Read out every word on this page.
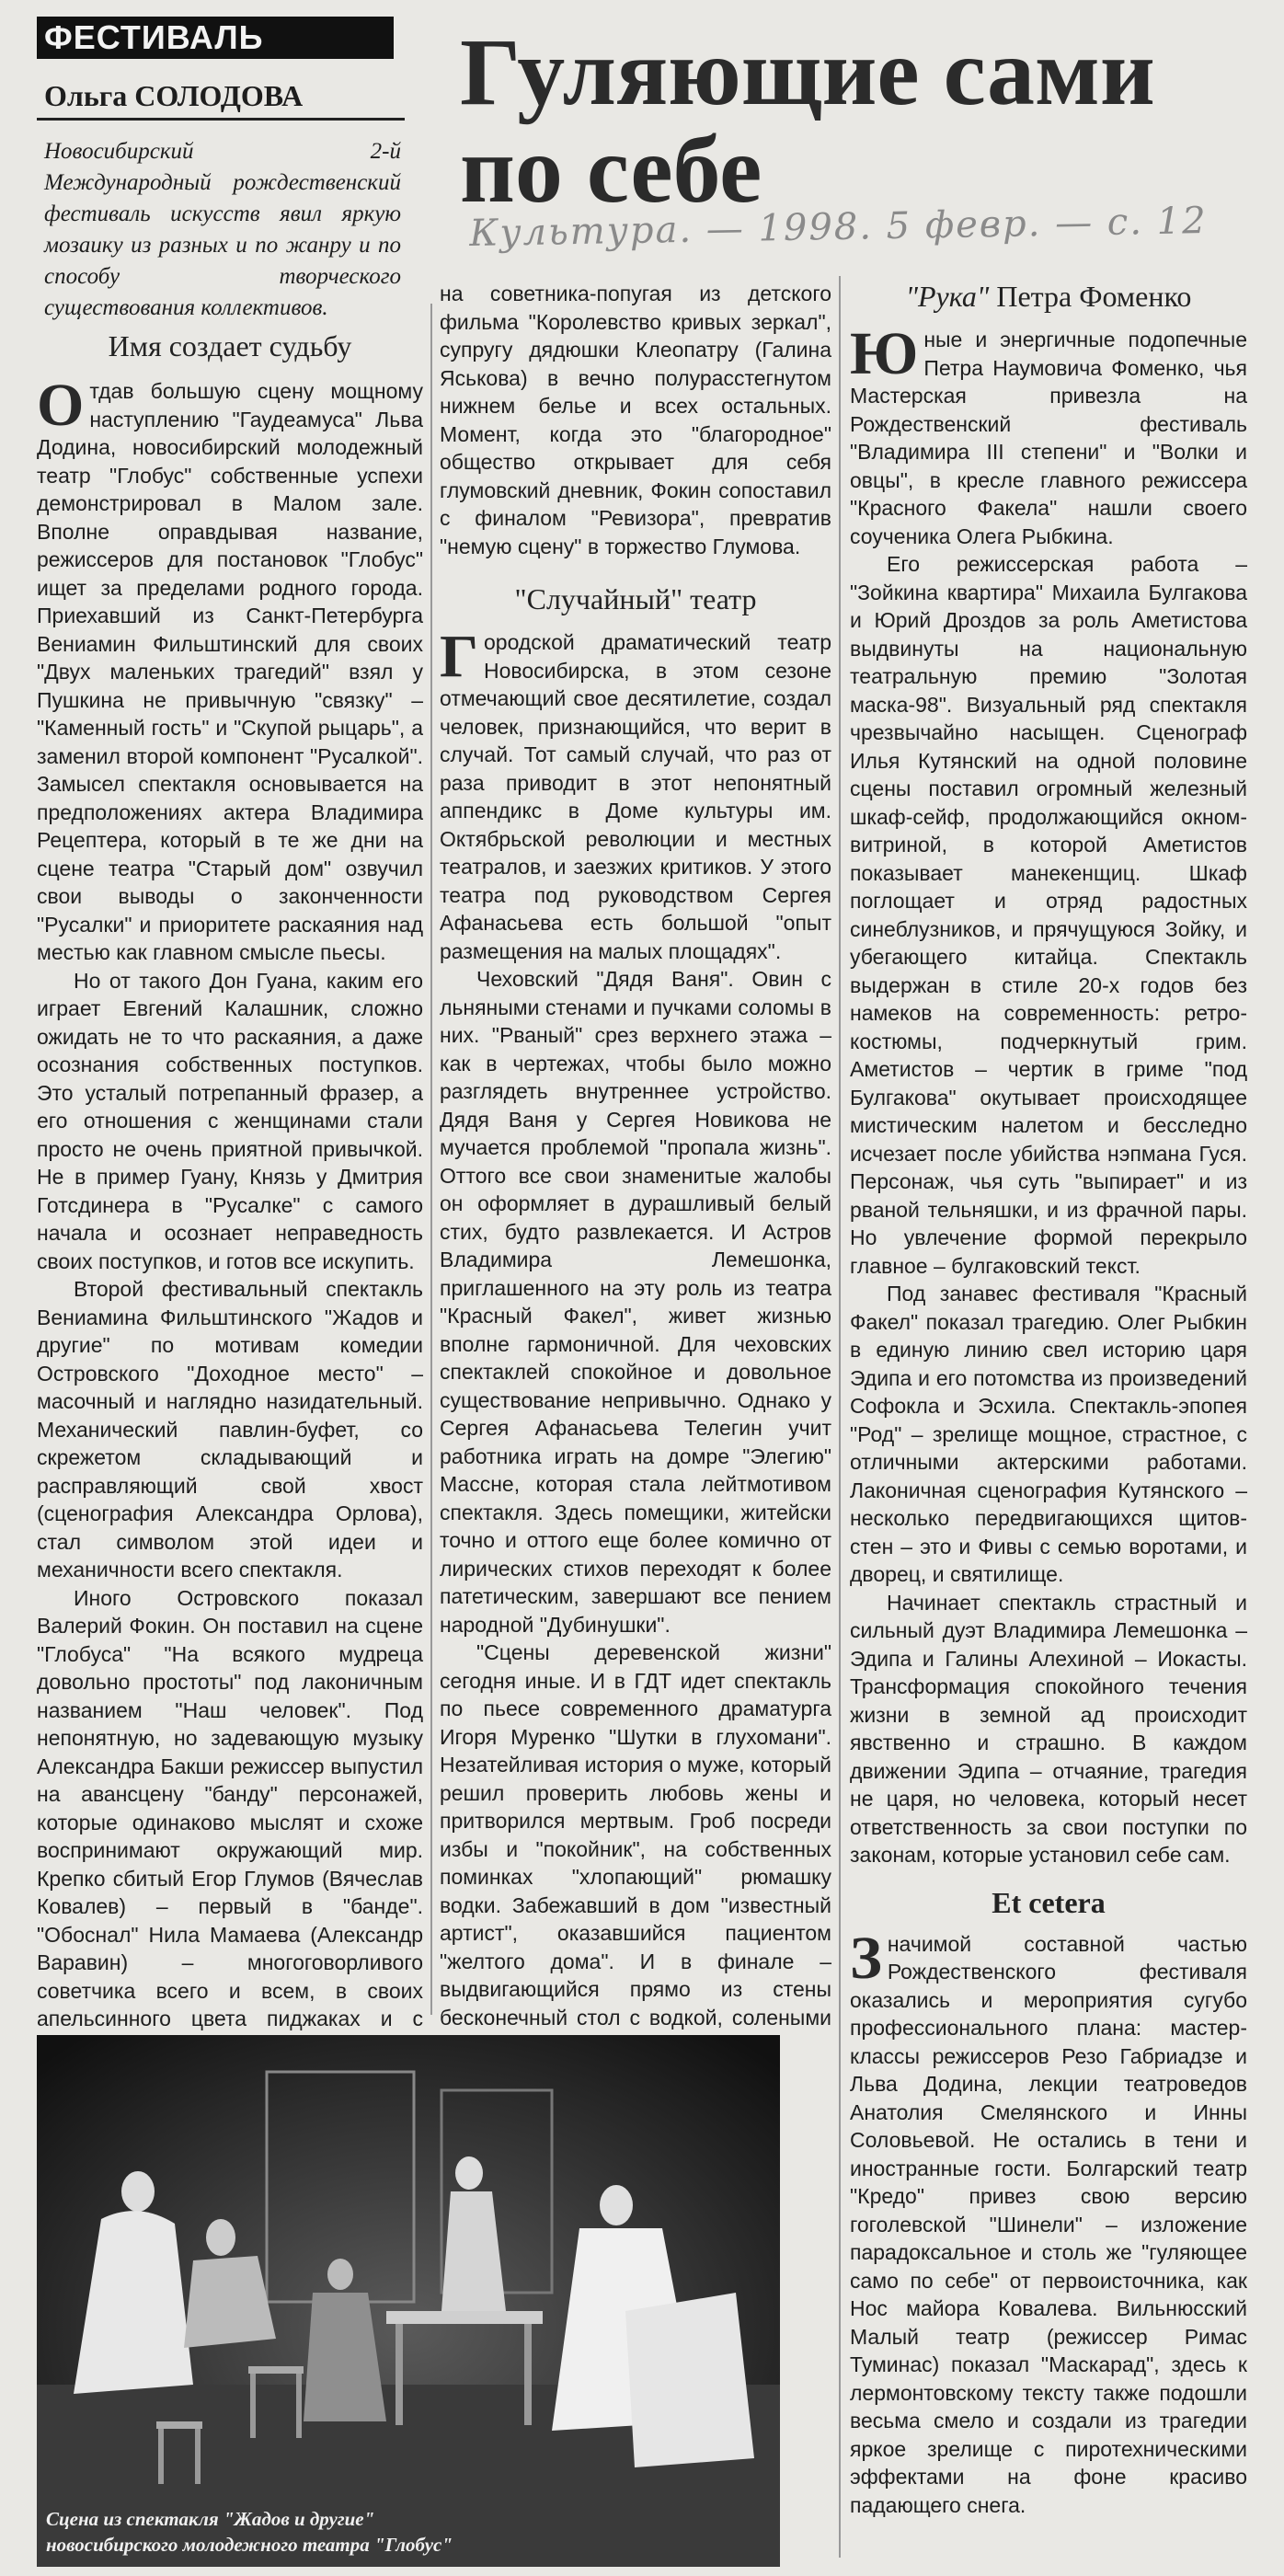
ФЕСТИВАЛЬ
Ольга СОЛОДОВА
Новосибирский 2-й Международный рождественский фестиваль искусств явил яркую мозаику из разных и по жанру и по способу творческого существования коллективов.
Гуляющие сами по себе
Культура. — 1998. 5 февр. — с. 12
Имя создает судьбу

Отдав большую сцену мощному наступлению "Гаудеамуса" Льва Додина, новосибирский молодежный театр "Глобус" собственные успехи демонстрировал в Малом зале. Вполне оправдывая название, режиссеров для постановок "Глобус" ищет за пределами родного города. Приехавший из Санкт-Петербурга Вениамин Фильштинский для своих "Двух маленьких трагедий" взял у Пушкина не привычную "связку" – "Каменный гость" и "Скупой рыцарь", а заменил второй компонент "Русалкой". Замысел спектакля основывается на предположениях актера Владимира Рецептера, который в те же дни на сцене театра "Старый дом" озвучил свои выводы о законченности "Русалки" и приоритете раскаяния над местью как главном смысле пьесы.

Но от такого Дон Гуана, каким его играет Евгений Калашник, сложно ожидать не то что раскаяния, а даже осознания собственных поступков. Это усталый потрепанный фразер, а его отношения с женщинами стали просто не очень приятной привычкой. Не в пример Гуану, Князь у Дмитрия Готсдинера в "Русалке" с самого начала и осознает неправедность своих поступков, и готов все искупить.

Второй фестивальный спектакль Вениамина Фильштинского "Жадов и другие" по мотивам комедии Островского "Доходное место" – масочный и наглядно назидательный. Механический павлин-буфет, со скрежетом складывающий и расправляющий свой хвост (сценография Александра Орлова), стал символом этой идеи и механичности всего спектакля.

Иного Островского показал Валерий Фокин. Он поставил на сцене "Глобуса" "На всякого мудреца довольно простоты" под лаконичным названием "Наш человек". Под непонятную, но задевающую музыку Александра Бакши режиссер выпустил на авансцену "банду" персонажей, которые одинаково мыслят и схоже воспринимают окружающий мир. Крепко сбитый Егор Глумов (Вячеслав Ковалев) – первый в "банде". "Обоснал" Нила Мамаева (Александр Варавин) – многоговорливого советчика всего и всем, в своих апельсинного цвета пиджаках и с

на советника-попугая из детского фильма "Королевство кривых зеркал", супругу дядюшки Клеопатру (Галина Яськова) в вечно полурасстегнутом нижнем белье и всех остальных. Момент, когда это "благородное" общество открывает для себя глумовский дневник, Фокин сопоставил с финалом "Ревизора", превратив "немую сцену" в торжество Глумова.

"Случайный" театр

Городской драматический театр Новосибирска, в этом сезоне отмечающий свое десятилетие, создал человек, признающийся, что верит в случай. Тот самый случай, что раз от раза приводит в этот непонятный аппендикс в Доме культуры им. Октябрьской революции и местных театралов, и заезжих критиков. У этого театра под руководством Сергея Афанасьева есть большой "опыт размещения на малых площадях".

Чеховский "Дядя Ваня". Овин с льняными стенами и пучками соломы в них. "Рваный" срез верхнего этажа – как в чертежах, чтобы было можно разглядеть внутреннее устройство. Дядя Ваня у Сергея Новикова не мучается проблемой "пропала жизнь". Оттого все свои знаменитые жалобы он оформляет в дурашливый белый стих, будто развлекается. И Астров Владимира Лемешонка, приглашенного на эту роль из театра "Красный Факел", живет жизнью вполне гармоничной. Для чеховских спектаклей спокойное и довольное существование непривычно. Однако у Сергея Афанасьева Телегин учит работника играть на домре "Элегию" Массне, которая стала лейтмотивом спектакля. Здесь помещики, житейски точно и оттого еще более комично от лирических стихов переходят к более патетическим, завершают все пением народной "Дубинушки".

"Сцены деревенской жизни" сегодня иные. И в ГДТ идет спектакль по пьесе современного драматурга Игоря Муренко "Шутки в глухомани". Незатейливая история о муже, который решил проверить любовь жены и притворился мертвым. Гроб посреди избы и "покойник", на собственных поминках "хлопающий" рюмашку водки. Забежавший в дом "известный артист", оказавшийся пациентом "желтого дома". И в финале – выдвигающийся прямо из стены бесконечный стол с водкой, солеными

"Рука" Петра Фоменко

Юные и энергичные подопечные Петра Наумовича Фоменко, чья Мастерская привезла на Рождественский фестиваль "Владимира III степени" и "Волки и овцы", в кресле главного режиссера "Красного Факела" нашли своего соученика Олега Рыбкина.

Его режиссерская работа – "Зойкина квартира" Михаила Булгакова и Юрий Дроздов за роль Аметистова выдвинуты на национальную театральную премию "Золотая маска-98". Визуальный ряд спектакля чрезвычайно насыщен. Сценограф Илья Кутянский на одной половине сцены поставил огромный железный шкаф-сейф, продолжающийся окном-витриной, в которой Аметистов показывает манекенщиц. Шкаф поглощает и отряд радостных синеблузников, и прячущуюся Зойку, и убегающего китайца. Спектакль выдержан в стиле 20-х годов без намеков на современность: ретро-костюмы, подчеркнутый грим. Аметистов – чертик в гриме "под Булгакова" окутывает происходящее мистическим налетом и бесследно исчезает после убийства нэпмана Гуся. Персонаж, чья суть "выпирает" и из рваной тельняшки, и из фрачной пары. Но увлечение формой перекрыло главное – булгаковский текст.

Под занавес фестиваля "Красный Факел" показал трагедию. Олег Рыбкин в единую линию свел историю царя Эдипа и его потомства из произведений Софокла и Эсхила. Спектакль-эпопея "Род" – зрелище мощное, страстное, с отличными актерскими работами. Лаконичная сценография Кутянского – несколько передвигающихся щитов-стен – это и Фивы с семью воротами, и дворец, и святилище.

Начинает спектакль страстный и сильный дуэт Владимира Лемешонка – Эдипа и Галины Алехиной – Иокасты. Трансформация спокойного течения жизни в земной ад происходит явственно и страшно. В каждом движении Эдипа – отчаяние, трагедия не царя, но человека, который несет ответственность за свои поступки по законам, которые установил себе сам.

Et cetera

Значимой составной частью Рождественского фестиваля оказались и мероприятия сугубо профессионального плана: мастер-классы режиссеров Резо Габриадзе и Льва Додина, лекции театроведов Анатолия Смелянского и Инны Соловьевой. Не остались в тени и иностранные гости. Болгарский театр "Кредо" привез свою версию гоголевской "Шинели" – изложение парадоксальное и столь же "гуляющее само по себе" от первоисточника, как Нос майора Ковалева. Вильнюсский Малый театр (режиссер Римас Туминас) показал "Маскарад", здесь к лермонтовскому тексту также подошли весьма смело и создали из трагедии яркое зрелище с пиротехническими эффектами на фоне красиво падающего снега.

Сцена из спектакля "Жадов и другие"
новосибирского молодежного театра "Глобус"
